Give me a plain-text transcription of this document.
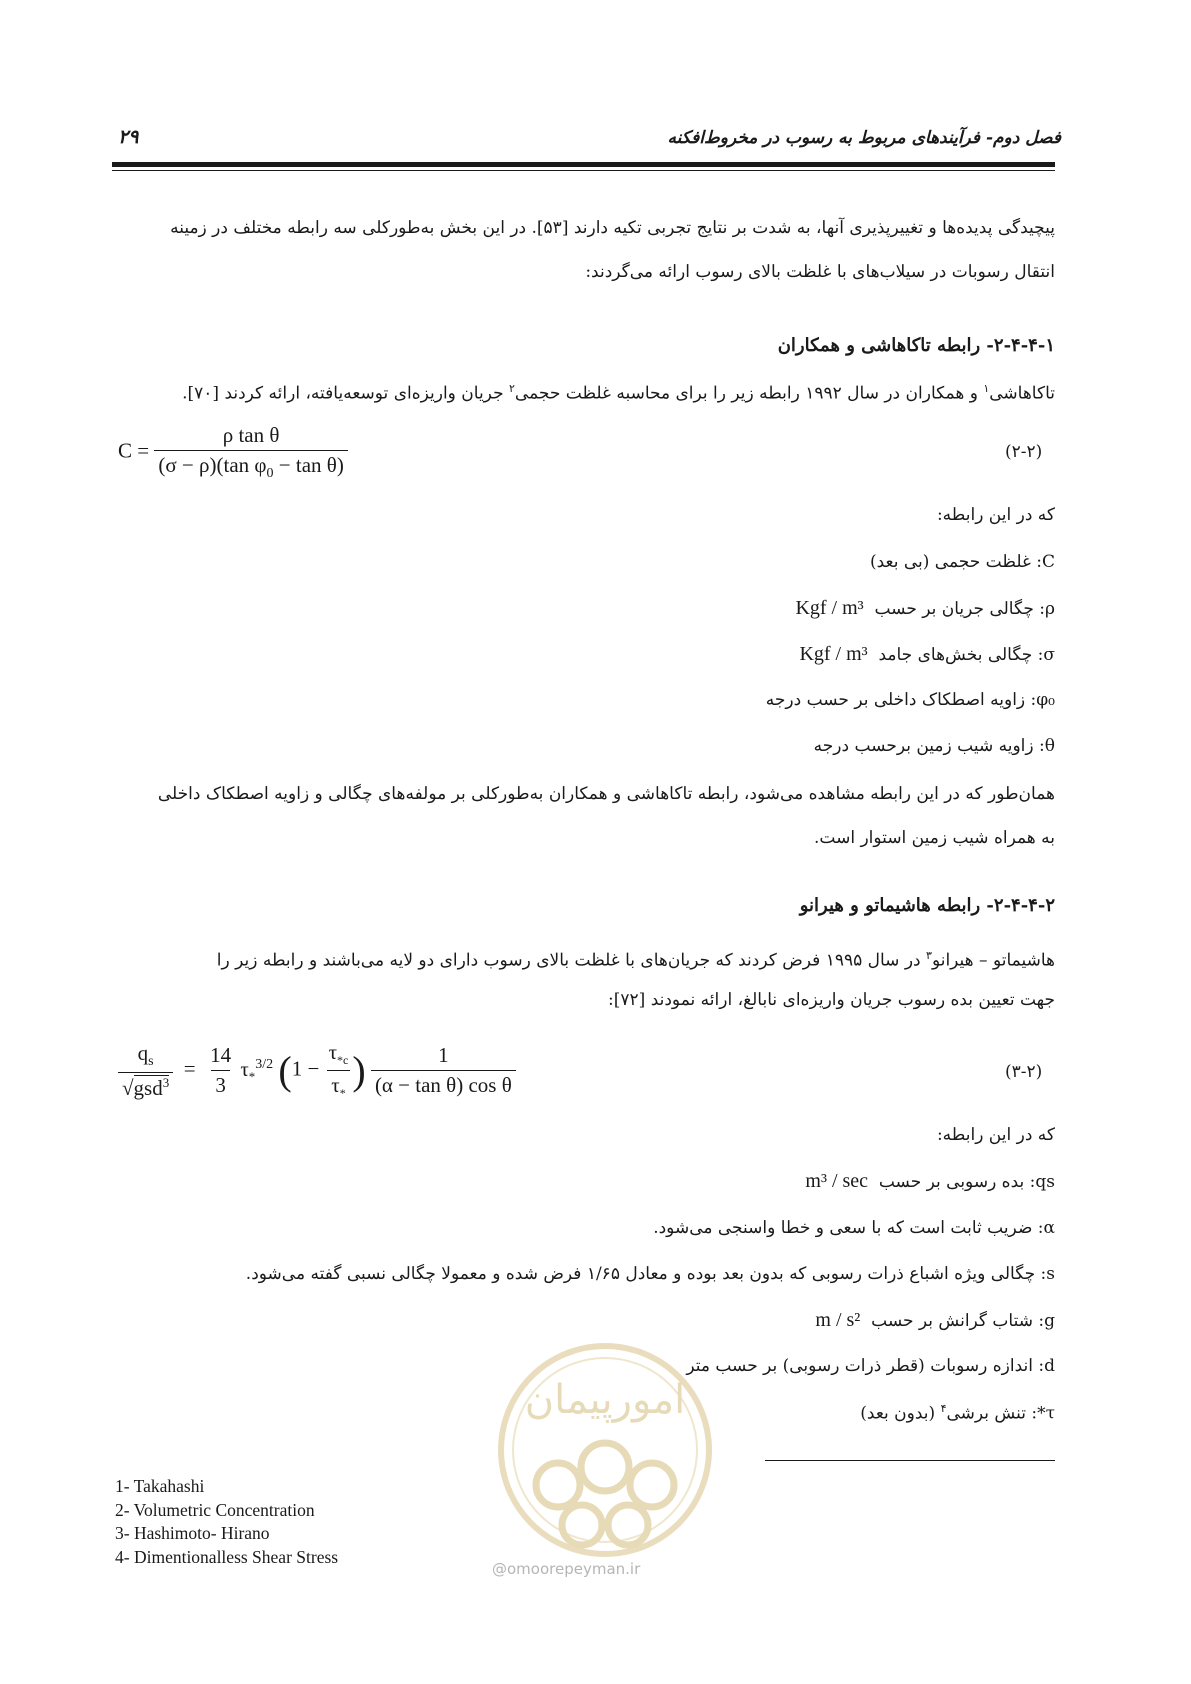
فصل دوم- فرآیندهای مربوط به رسوب در مخروط‌افکنه
۲۹
پیچیدگی پدیده‌ها و تغییرپذیری آنها، به شدت بر نتایج تجربی تکیه دارند [۵۳]. در این بخش به‌طورکلی سه رابطه مختلف در زمینه
انتقال رسوبات در سیلاب‌های با غلظت بالای رسوب ارائه می‌گردند:
۲-۴-۴-۱- رابطه تاکاهاشی و همکاران
تاکاهاشی$^۱$ و همکاران در سال ۱۹۹۲ رابطه زیر را برای محاسبه غلظت حجمی$^۲$ جریان واریزه‌ای توسعه‌یافته، ارائه کردند [۷۰].
$C = \frac{\text{ρ tan θ}}{(\sigma - \rho)(\tan \varphi_0 - \tan \theta)}$	(۲-۲)
که در این رابطه:
C: غلظت حجمی (بی بعد)
ρ: چگالی جریان بر حسب  Kgf / m³
σ: چگالی بخش‌های جامد  Kgf / m³
φ₀: زاویه اصطکاک داخلی بر حسب درجه
θ: زاویه شیب زمین برحسب درجه
همان‌طور که در این رابطه مشاهده می‌شود، رابطه تاکاهاشی و همکاران به‌طورکلی بر مولفه‌های چگالی و زاویه اصطکاک داخلی
به همراه شیب زمین استوار است.
۲-۴-۴-۲- رابطه هاشیماتو و هیرانو
هاشیماتو – هیرانو$^۳$ در سال ۱۹۹۵ فرض کردند که جریان‌های با غلظت بالای رسوب دارای دو لایه می‌باشند و رابطه زیر را
جهت تعیین بده رسوب جریان واریزه‌ای نابالغ، ارائه نمودند [۷۲]:
$\frac{q_s}{√gsd^3} = \frac{14}{3} \tau_*^{3/2}$ ($1 - \frac{\tau_{*c}}{\tau_*}$ ) $\frac{1}{\text{(α − tan θ) cos θ}}$	(۳-۲)
که در این رابطه:
qs: بده رسوبی بر حسب  m³ / sec
α: ضریب ثابت است که با سعی و خطا واسنجی می‌شود.
s: چگالی ویژه اشباع ذرات رسوبی که بدون بعد بوده و معادل ۱/۶۵ فرض شده و معمولا چگالی نسبی گفته می‌شود.
g: شتاب گرانش بر حسب  m / s²
d: اندازه رسوبات (قطر ذرات رسوبی) بر حسب متر
τ*: تنش برشی$^۴$ (بدون بعد)
امورپیمان
@omoorepeyman.ir
1- Takahashi
2- Volumetric Concentration
3- Hashimoto- Hirano
4- Dimentionalless Shear Stress
